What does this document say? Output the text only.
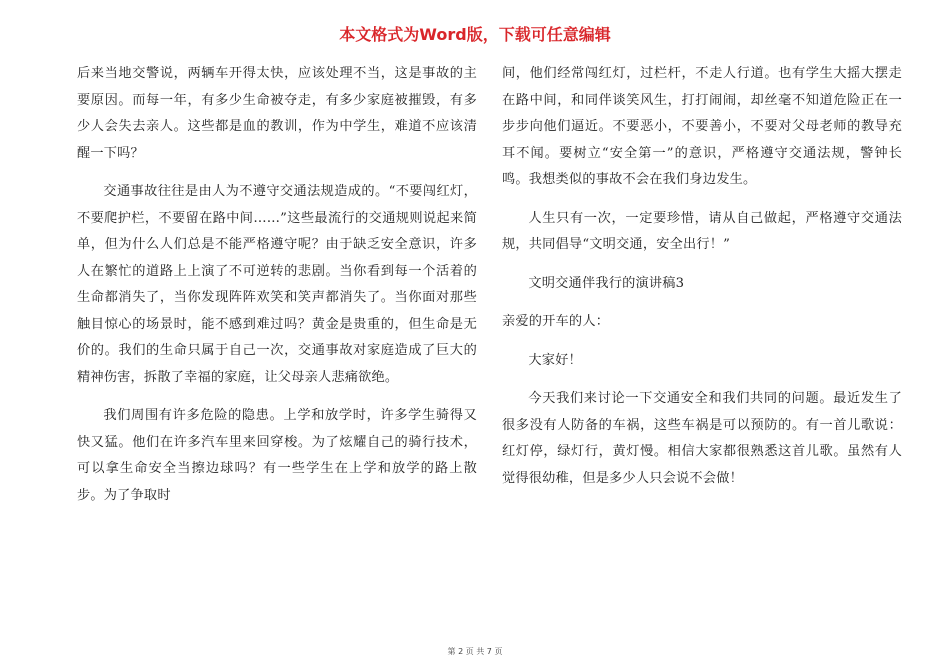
本文格式为Word版，下载可任意编辑

后来当地交警说，两辆车开得太快，应该处理不当，这是事故的主要原因。而每一年，有多少生命被夺走，有多少家庭被摧毁，有多少人会失去亲人。这些都是血的教训，作为中学生，难道不应该清醒一下吗？

交通事故往往是由人为不遵守交通法规造成的。“不要闯红灯，不要爬护栏，不要留在路中间……”这些最流行的交通规则说起来简单，但为什么人们总是不能严格遵守呢？由于缺乏安全意识，许多人在繁忙的道路上上演了不可逆转的悲剧。当你看到每一个活着的生命都消失了，当你发现阵阵欢笑和笑声都消失了。当你面对那些触目惊心的场景时，能不感到难过吗？黄金是贵重的，但生命是无价的。我们的生命只属于自己一次，交通事故对家庭造成了巨大的精神伤害，拆散了幸福的家庭，让父母亲人悲痛欲绝。

我们周围有许多危险的隐患。上学和放学时，许多学生骑得又快又猛。他们在许多汽车里来回穿梭。为了炫耀自己的骑行技术，可以拿生命安全当擦边球吗？有一些学生在上学和放学的路上散步。为了争取时

间，他们经常闯红灯，过栏杆，不走人行道。也有学生大摇大摆走在路中间，和同伴谈笑风生，打打闹闹，却丝毫不知道危险正在一步步向他们逼近。不要恶小，不要善小，不要对父母老师的教导充耳不闻。要树立“安全第一”的意识，严格遵守交通法规，警钟长鸣。我想类似的事故不会在我们身边发生。

人生只有一次，一定要珍惜，请从自己做起，严格遵守交通法规，共同倡导“文明交通，安全出行！”

文明交通伴我行的演讲稿3

亲爱的开车的人：

大家好！

今天我们来讨论一下交通安全和我们共同的问题。最近发生了很多没有人防备的车祸，这些车祸是可以预防的。有一首儿歌说：红灯停，绿灯行，黄灯慢。相信大家都很熟悉这首儿歌。虽然有人觉得很幼稚，但是多少人只会说不会做！

第 2 页 共 7 页
